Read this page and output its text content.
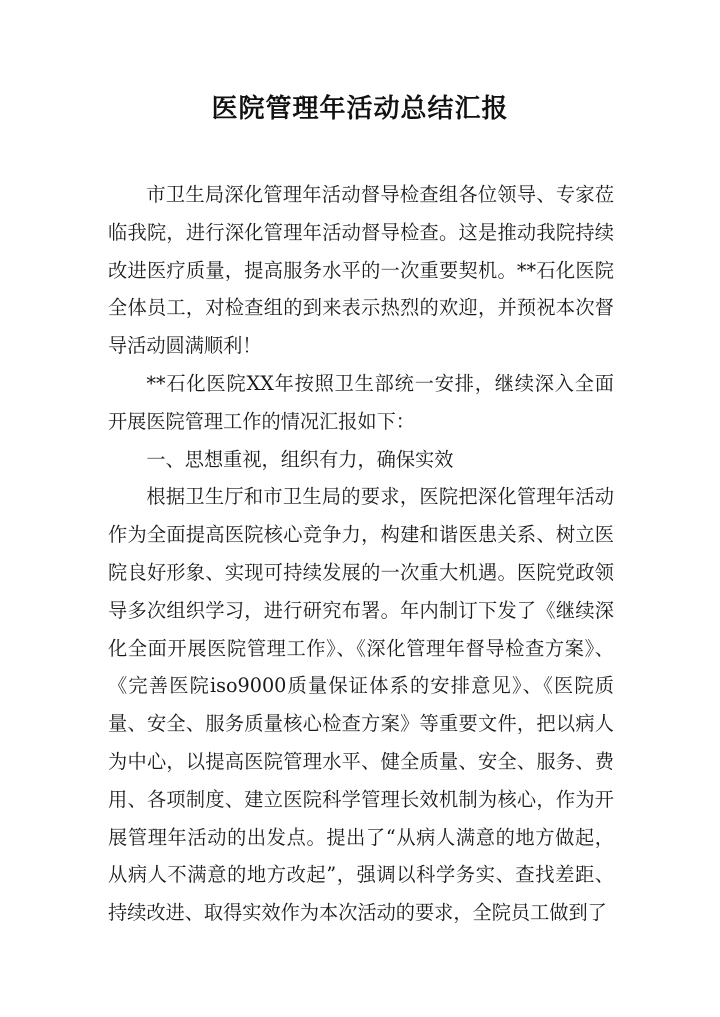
医院管理年活动总结汇报

市卫生局深化管理年活动督导检查组各位领导、专家莅临我院，进行深化管理年活动督导检查。这是推动我院持续改进医疗质量，提高服务水平的一次重要契机。**石化医院全体员工，对检查组的到来表示热烈的欢迎，并预祝本次督导活动圆满顺利！

**石化医院XX年按照卫生部统一安排，继续深入全面开展医院管理工作的情况汇报如下：

一、思想重视，组织有力，确保实效

根据卫生厅和市卫生局的要求，医院把深化管理年活动作为全面提高医院核心竞争力，构建和谐医患关系、树立医院良好形象、实现可持续发展的一次重大机遇。医院党政领导多次组织学习，进行研究布署。年内制订下发了《继续深化全面开展医院管理工作》、《深化管理年督导检查方案》、《完善医院iso9000质量保证体系的安排意见》、《医院质量、安全、服务质量核心检查方案》等重要文件，把以病人为中心，以提高医院管理水平、健全质量、安全、服务、费用、各项制度、建立医院科学管理长效机制为核心，作为开展管理年活动的出发点。提出了“从病人满意的地方做起，从病人不满意的地方改起”，强调以科学务实、查找差距、持续改进、取得实效作为本次活动的要求，全院员工做到了
